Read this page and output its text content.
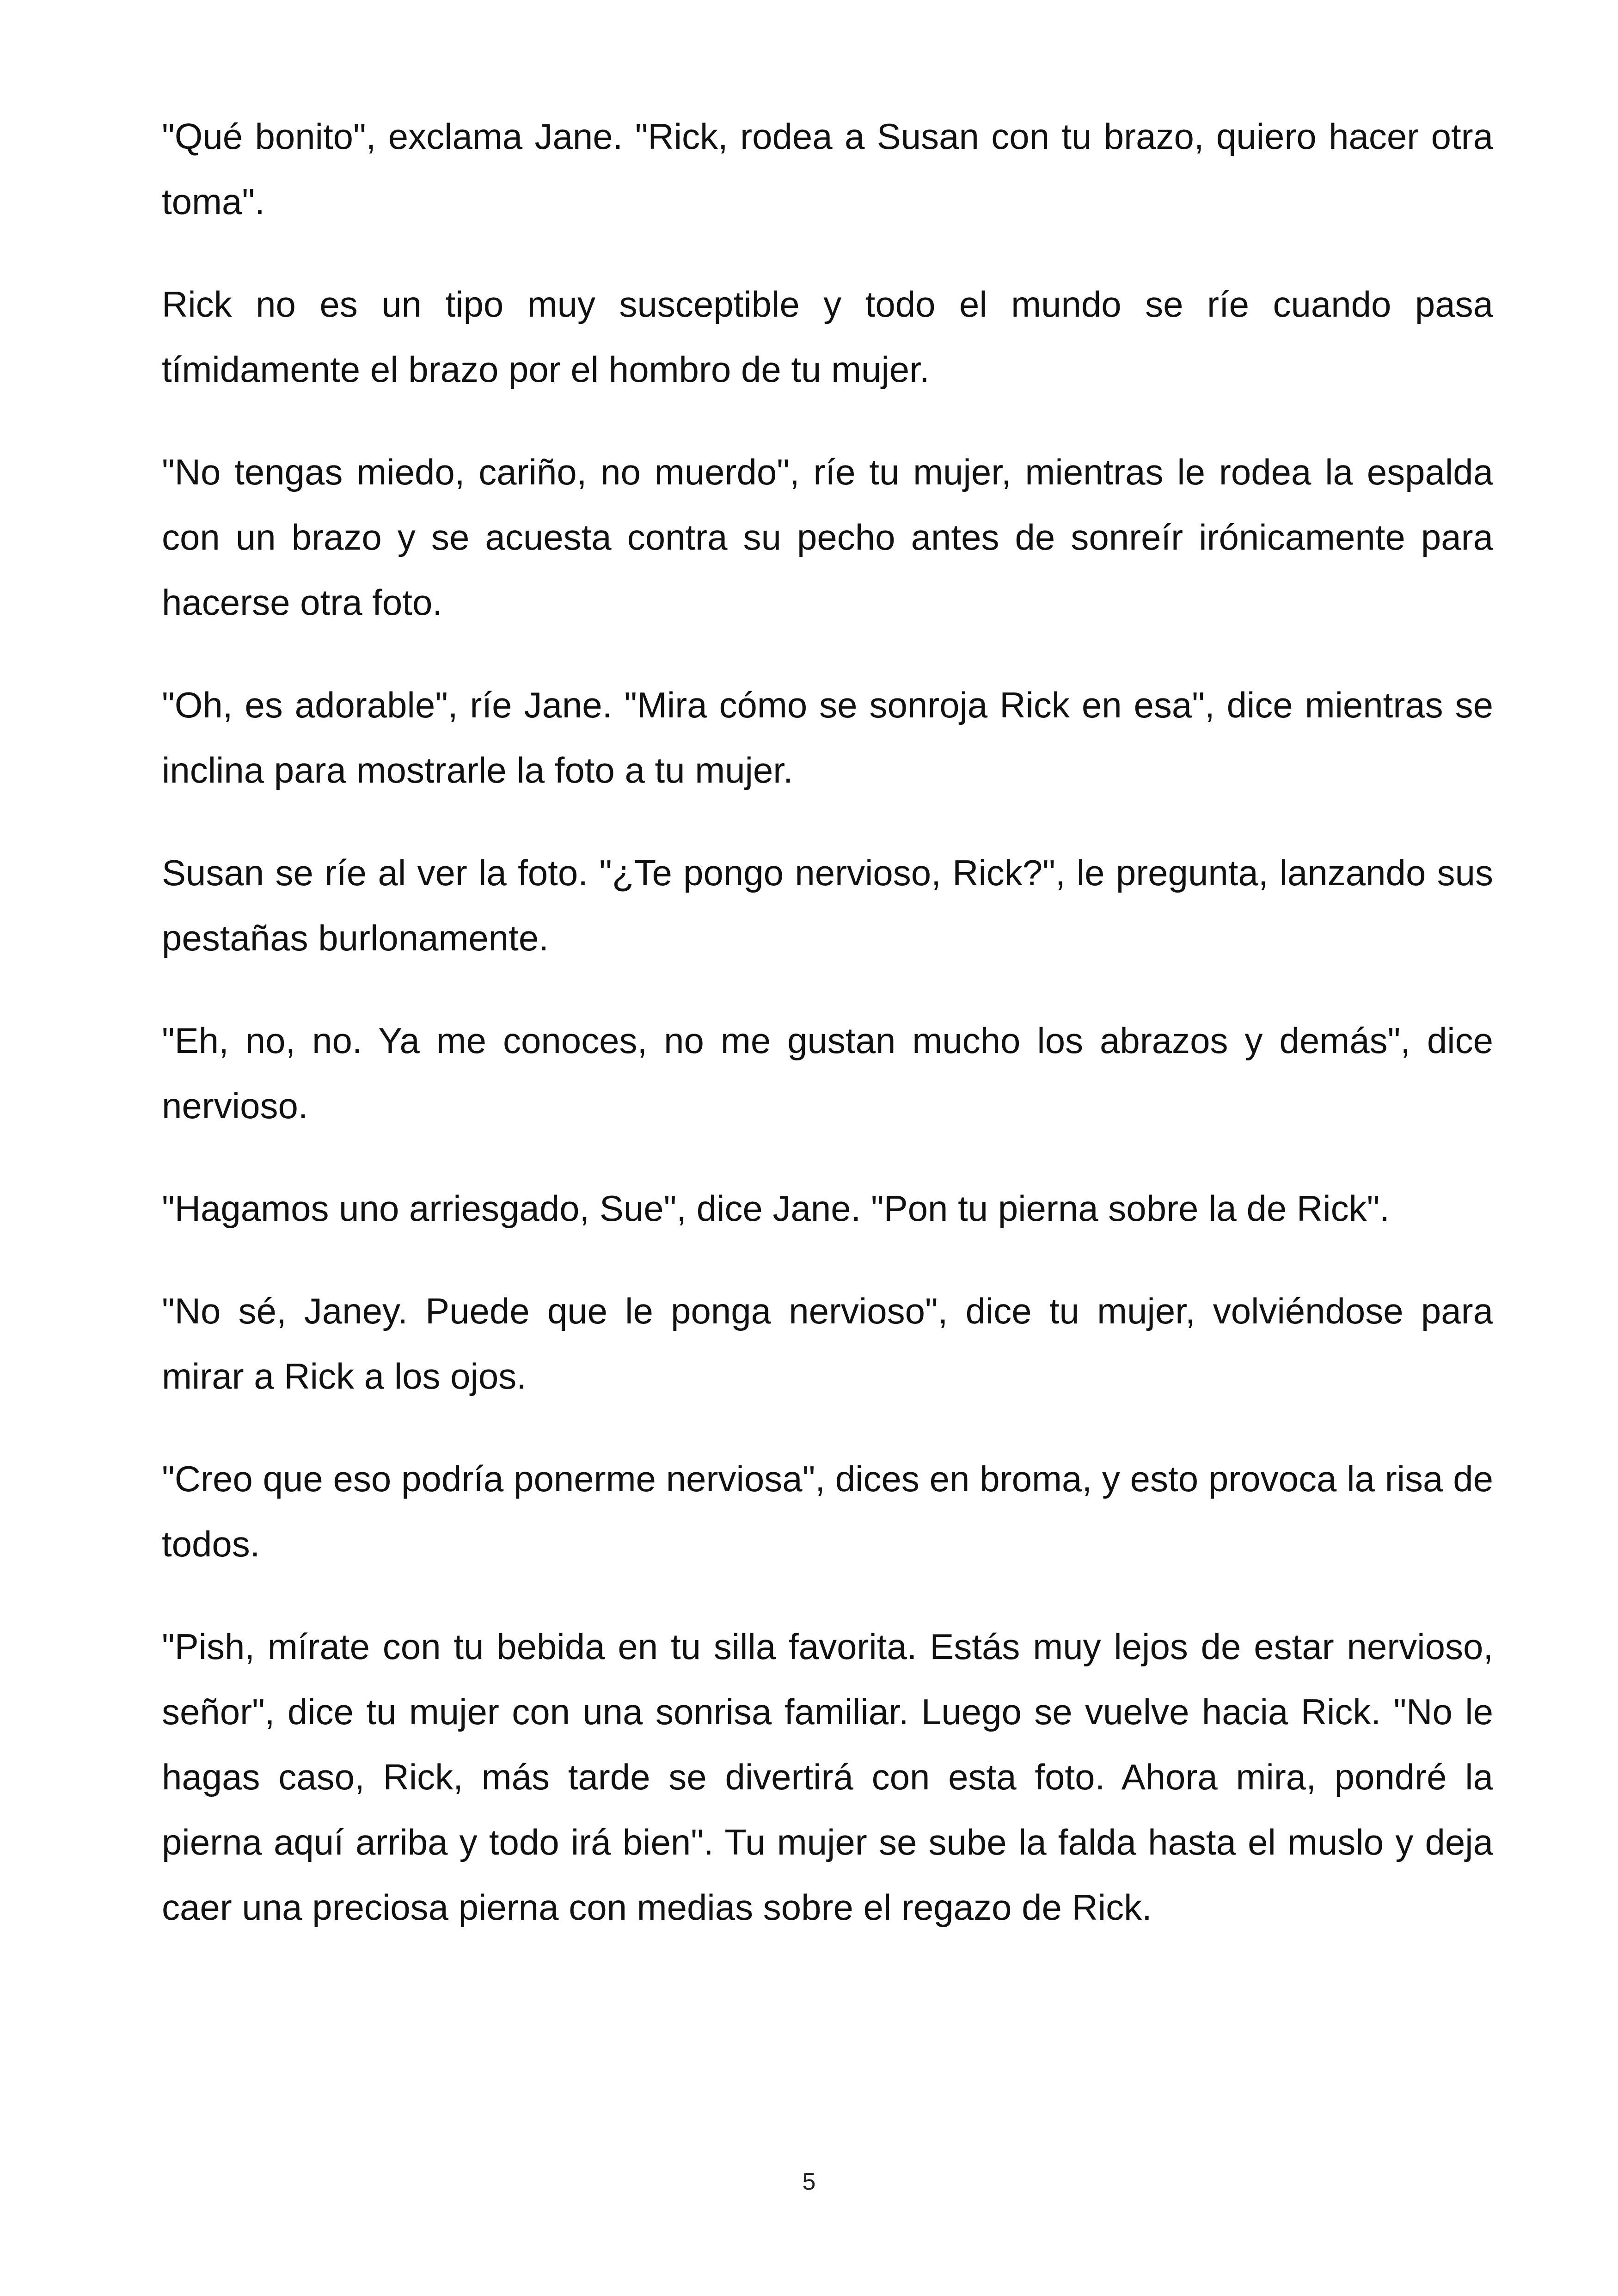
"Qué bonito", exclama Jane. "Rick, rodea a Susan con tu brazo, quiero hacer otra toma".

Rick no es un tipo muy susceptible y todo el mundo se ríe cuando pasa tímidamente el brazo por el hombro de tu mujer.

"No tengas miedo, cariño, no muerdo", ríe tu mujer, mientras le rodea la espalda con un brazo y se acuesta contra su pecho antes de sonreír irónicamente para hacerse otra foto.

"Oh, es adorable", ríe Jane. "Mira cómo se sonroja Rick en esa", dice mientras se inclina para mostrarle la foto a tu mujer.

Susan se ríe al ver la foto. "¿Te pongo nervioso, Rick?", le pregunta, lanzando sus pestañas burlonamente.

"Eh, no, no. Ya me conoces, no me gustan mucho los abrazos y demás", dice nervioso.

"Hagamos uno arriesgado, Sue", dice Jane. "Pon tu pierna sobre la de Rick".

"No sé, Janey. Puede que le ponga nervioso", dice tu mujer, volviéndose para mirar a Rick a los ojos.

"Creo que eso podría ponerme nerviosa", dices en broma, y esto provoca la risa de todos.

"Pish, mírate con tu bebida en tu silla favorita. Estás muy lejos de estar nervioso, señor", dice tu mujer con una sonrisa familiar. Luego se vuelve hacia Rick. "No le hagas caso, Rick, más tarde se divertirá con esta foto. Ahora mira, pondré la pierna aquí arriba y todo irá bien". Tu mujer se sube la falda hasta el muslo y deja caer una preciosa pierna con medias sobre el regazo de Rick.

5
